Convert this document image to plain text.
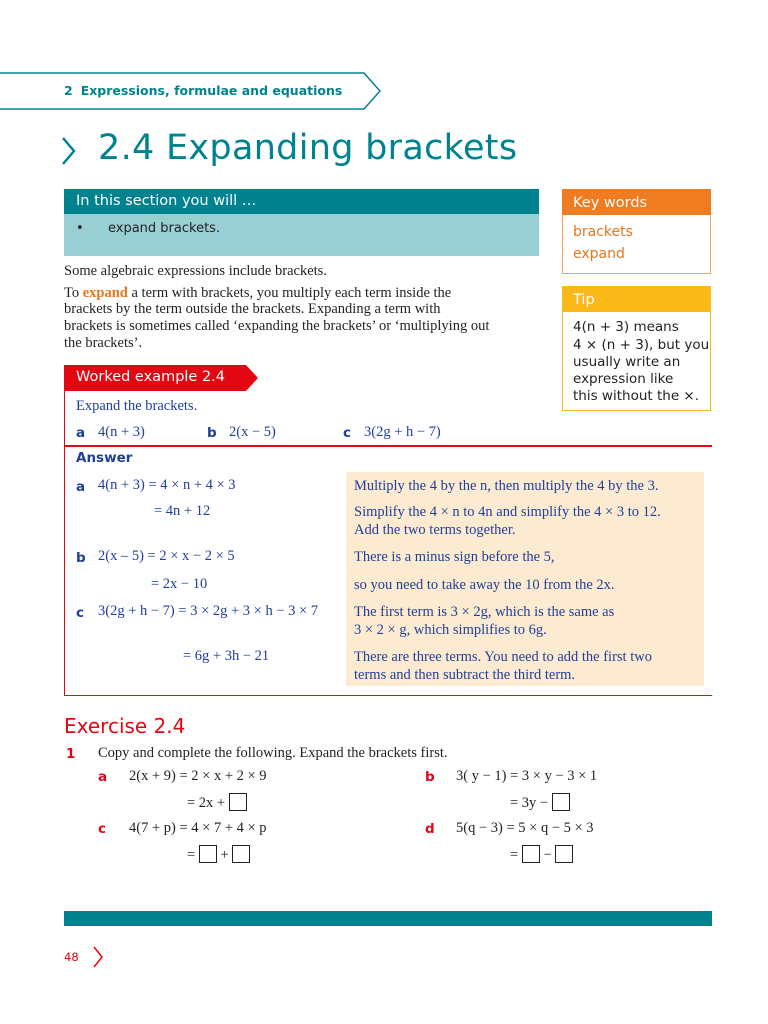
2 Expressions, formulae and equations
2.4 Expanding brackets
In this section you will …
• expand brackets.
Key words
brackets
expand
Tip
4(n + 3) means
4 × (n + 3), but you
usually write an
expression like
this without the ×.
Some algebraic expressions include brackets.
To expand a term with brackets, you multiply each term inside the
brackets by the term outside the brackets. Expanding a term with
brackets is sometimes called ‘expanding the brackets’ or ‘multiplying out
the brackets’.
Worked example 2.4
Expand the brackets.
a 4(n + 3)	b 2(x − 5)	c 3(2g + h − 7)
Answer
a 4(n + 3) = 4 × n + 4 × 3
= 4n + 12
b 2(x – 5) = 2 × x − 2 × 5
= 2x − 10
c 3(2g + h − 7) = 3 × 2g + 3 × h − 3 × 7
= 6g + 3h − 21
Multiply the 4 by the n, then multiply the 4 by the 3.
Simplify the 4 × n to 4n and simplify the 4 × 3 to 12.
Add the two terms together.
There is a minus sign before the 5,
so you need to take away the 10 from the 2x.
The first term is 3 × 2g, which is the same as
3 × 2 × g, which simplifies to 6g.
There are three terms. You need to add the first two
terms and then subtract the third term.
Exercise 2.4
1 Copy and complete the following. Expand the brackets first.
a 2(x + 9) = 2 × x + 2 × 9
= 2x +
b 3( y − 1) = 3 × y − 3 × 1
= 3y −
c 4(7 + p) = 4 × 7 + 4 × p
= +
d 5(q − 3) = 5 × q − 5 × 3
= −
48
